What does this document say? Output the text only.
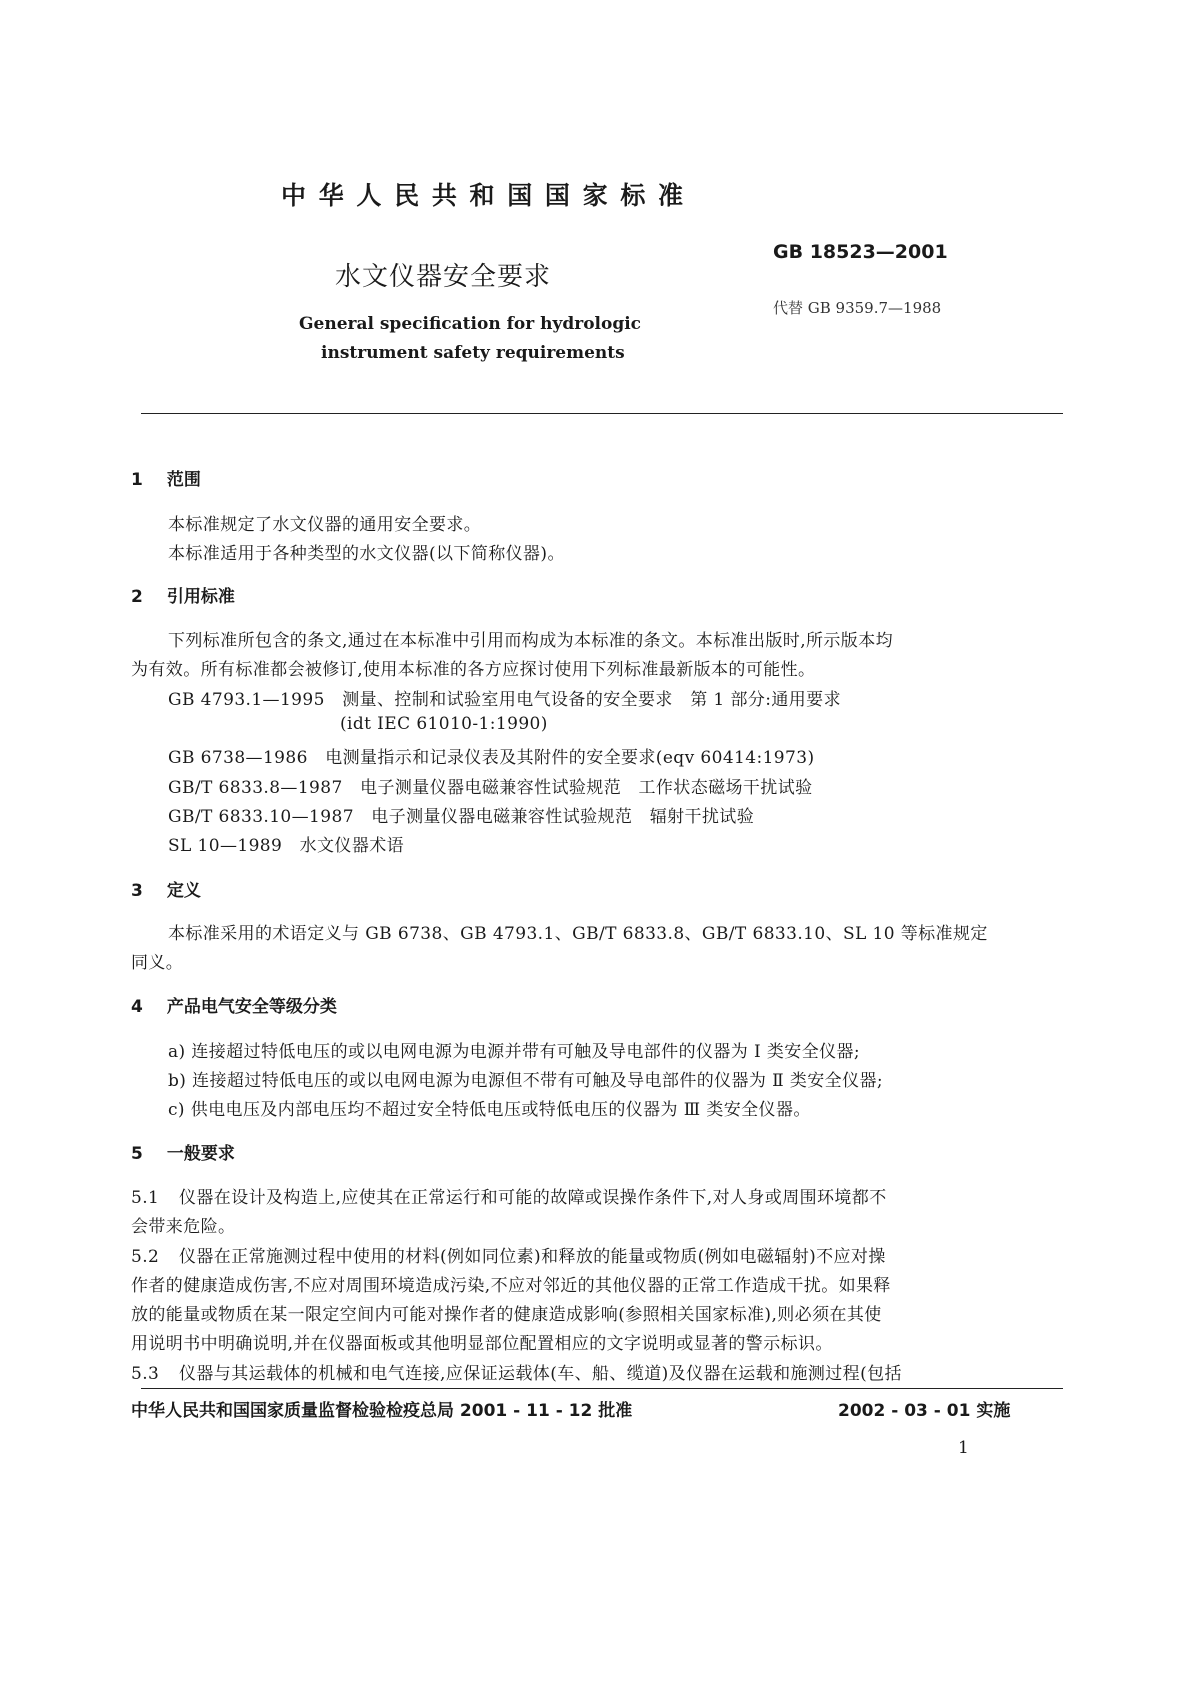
中 华 人 民 共 和 国 国 家 标 准
水文仪器安全要求
GB 18523—2001
代替 GB 9359.7—1988
General specification for hydrologic
instrument safety requirements
1 范围
本标准规定了水文仪器的通用安全要求。
本标准适用于各种类型的水文仪器(以下简称仪器)。
2 引用标准
下列标准所包含的条文,通过在本标准中引用而构成为本标准的条文。本标准出版时,所示版本均
为有效。所有标准都会被修订,使用本标准的各方应探讨使用下列标准最新版本的可能性。
GB 4793.1—1995　测量、控制和试验室用电气设备的安全要求　第 1 部分:通用要求
(idt IEC 61010-1:1990)
GB 6738—1986　电测量指示和记录仪表及其附件的安全要求(eqv 60414:1973)
GB/T 6833.8—1987　电子测量仪器电磁兼容性试验规范　工作状态磁场干扰试验
GB/T 6833.10—1987　电子测量仪器电磁兼容性试验规范　辐射干扰试验
SL 10—1989　水文仪器术语
3 定义
本标准采用的术语定义与 GB 6738、GB 4793.1、GB/T 6833.8、GB/T 6833.10、SL 10 等标准规定
同义。
4 产品电气安全等级分类
a) 连接超过特低电压的或以电网电源为电源并带有可触及导电部件的仪器为 Ⅰ 类安全仪器;
b) 连接超过特低电压的或以电网电源为电源但不带有可触及导电部件的仪器为 Ⅱ 类安全仪器;
c) 供电电压及内部电压均不超过安全特低电压或特低电压的仪器为 Ⅲ 类安全仪器。
5 一般要求
5.1 仪器在设计及构造上,应使其在正常运行和可能的故障或误操作条件下,对人身或周围环境都不
会带来危险。
5.2 仪器在正常施测过程中使用的材料(例如同位素)和释放的能量或物质(例如电磁辐射)不应对操
作者的健康造成伤害,不应对周围环境造成污染,不应对邻近的其他仪器的正常工作造成干扰。如果释
放的能量或物质在某一限定空间内可能对操作者的健康造成影响(参照相关国家标准),则必须在其使
用说明书中明确说明,并在仪器面板或其他明显部位配置相应的文字说明或显著的警示标识。
5.3 仪器与其运载体的机械和电气连接,应保证运载体(车、船、缆道)及仪器在运载和施测过程(包括
中华人民共和国国家质量监督检验检疫总局 2001 - 11 - 12 批准	2002 - 03 - 01 实施
1
